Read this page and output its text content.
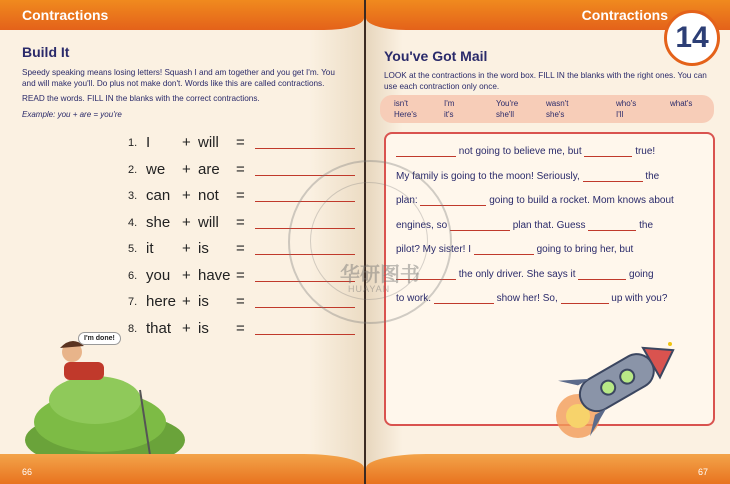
Contractions
Build It
Speedy speaking means losing letters! Squash I and am together and you get I'm. You
and will make you'll. Do plus not make don't. Words like this are called contractions.
READ the words. FILL IN the blanks with the correct contractions.
Example: you + are = you're
1. I + will =
2. we + are =
3. can + not =
4. she + will =
5. it + is =
6. you + have =
7. here + is =
8. that + is =
I'm done!
66
Contractions
14
You've Got Mail
LOOK at the contractions in the word box. FILL IN the blanks with the right ones. You can
use each contraction only once.
isn't	I'm	You're	wasn't	who's	what's
Here's	it's	she'll	she's	I'll
not going to believe me, but	true!
My family is going to the moon! Seriously,	the
plan:	going to build a rocket. Mom knows about
engines, so	plan that. Guess	the
pilot? My sister! I	going to bring her, but
the only driver. She says it	going
to work.	show her! So,	up with you?
67
华研图书
HUAYAN
